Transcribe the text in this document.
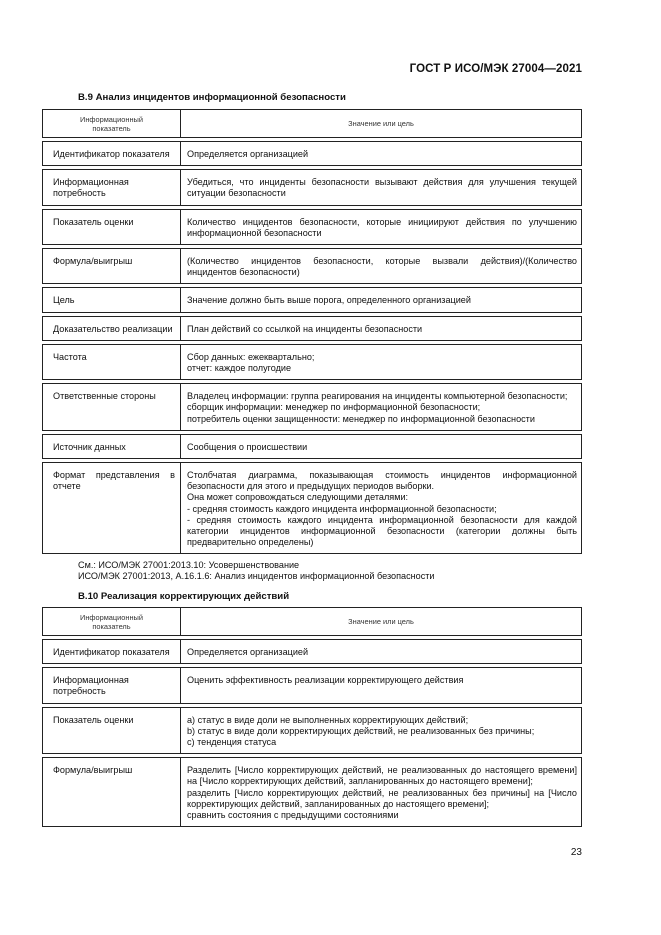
ГОСТ Р ИСО/МЭК 27004—2021
B.9 Анализ инцидентов информационной безопасности
Информационный показатель	Значение или цель

Идентификатор показателя	Определяется организацией

Информационная потребность	Убедиться, что инциденты безопасности вызывают действия для улучшения текущей ситуации безопасности

Показатель оценки	Количество инцидентов безопасности, которые инициируют действия по улучшению информационной безопасности

Формула/выигрыш	(Количество инцидентов безопасности, которые вызвали действия)/(Количество инцидентов безопасности)

Цель	Значение должно быть выше порога, определенного организацией

Доказательство реализации	План действий со ссылкой на инциденты безопасности

Частота	Сбор данных: ежеквартально;
отчет: каждое полугодие

Ответственные стороны	Владелец информации: группа реагирования на инциденты компьютерной безопасности;
сборщик информации: менеджер по информационной безопасности;
потребитель оценки защищенности: менеджер по информационной безопасности

Источник данных	Сообщения о происшествии

Формат представления в отчете	Столбчатая диаграмма, показывающая стоимость инцидентов информационной безопасности для этого и предыдущих периодов выборки.
Она может сопровождаться следующими деталями:
- средняя стоимость каждого инцидента информационной безопасности;
- средняя стоимость каждого инцидента информационной безопасности для каждой категории инцидентов информационной безопасности (категории должны быть предварительно определены)
См.: ИСО/МЭК 27001:2013.10: Усовершенствование
ИСО/МЭК 27001:2013, А.16.1.6: Анализ инцидентов информационной безопасности
B.10 Реализация корректирующих действий
Информационный показатель	Значение или цель

Идентификатор показателя	Определяется организацией

Информационная потребность	Оценить эффективность реализации корректирующего действия

Показатель оценки	a) статус в виде доли не выполненных корректирующих действий;
b) статус в виде доли корректирующих действий, не реализованных без причины;
c) тенденция статуса

Формула/выигрыш	Разделить [Число корректирующих действий, не реализованных до настоящего времени] на [Число корректирующих действий, запланированных до настоящего времени];
разделить [Число корректирующих действий, не реализованных без причины] на [Число корректирующих действий, запланированных до настоящего времени];
сравнить состояния с предыдущими состояниями
23
